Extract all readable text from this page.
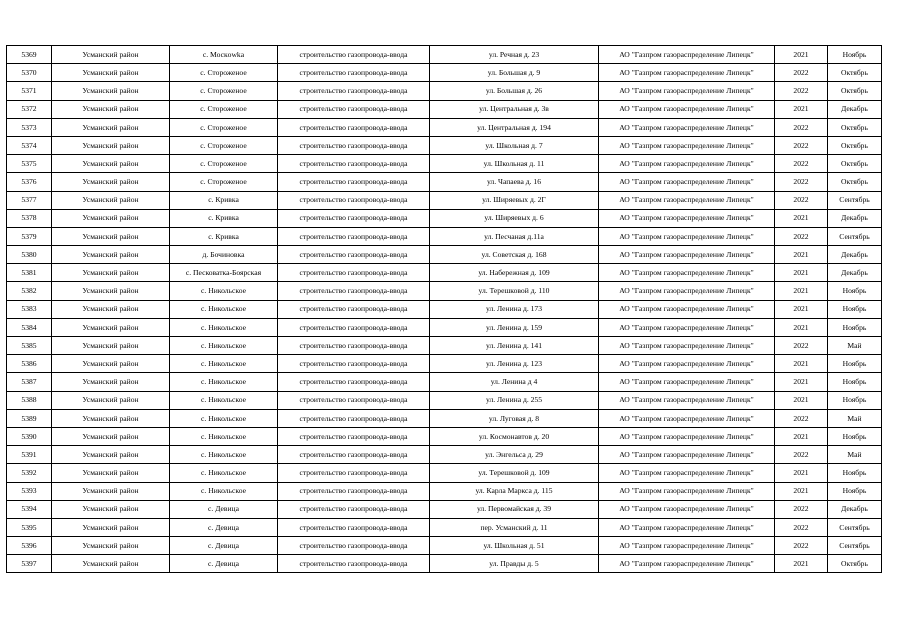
5369	Усманский район	с. Москowka	строительство газопровода-ввода	ул. Речная д. 23	АО "Газпром газораспределение Липецк"	2021	Ноябрь
5370	Усманский район	с. Стороженое	строительство газопровода-ввода	ул. Большая д. 9	АО "Газпром газораспределение Липецк"	2022	Октябрь
5371	Усманский район	с. Стороженое	строительство газопровода-ввода	ул. Большая д. 26	АО "Газпром газораспределение Липецк"	2022	Октябрь
5372	Усманский район	с. Стороженое	строительство газопровода-ввода	ул. Центральная д. 3в	АО "Газпром газораспределение Липецк"	2021	Декабрь
5373	Усманский район	с. Стороженое	строительство газопровода-ввода	ул. Центральная д. 194	АО "Газпром газораспределение Липецк"	2022	Октябрь
5374	Усманский район	с. Стороженое	строительство газопровода-ввода	ул. Школьная д. 7	АО "Газпром газораспределение Липецк"	2022	Октябрь
5375	Усманский район	с. Стороженое	строительство газопровода-ввода	ул. Школьная д. 11	АО "Газпром газораспределение Липецк"	2022	Октябрь
5376	Усманский район	с. Стороженое	строительство газопровода-ввода	ул. Чапаева д. 16	АО "Газпром газораспределение Липецк"	2022	Октябрь
5377	Усманский район	с. Кривка	строительство газопровода-ввода	ул. Ширяевых д. 2Г	АО "Газпром газораспределение Липецк"	2022	Сентябрь
5378	Усманский район	с. Кривка	строительство газопровода-ввода	ул. Ширяевых д. 6	АО "Газпром газораспределение Липецк"	2021	Декабрь
5379	Усманский район	с. Кривка	строительство газопровода-ввода	ул. Песчаная д.11а	АО "Газпром газораспределение Липецк"	2022	Сентябрь
5380	Усманский район	д. Бочиновка	строительство газопровода-ввода	ул. Советская д. 168	АО "Газпром газораспределение Липецк"	2021	Декабрь
5381	Усманский район	с. Песковатка-Боярская	строительство газопровода-ввода	ул. Набережная д. 109	АО "Газпром газораспределение Липецк"	2021	Декабрь
5382	Усманский район	с. Никольское	строительство газопровода-ввода	ул. Терешковой д. 110	АО "Газпром газораспределение Липецк"	2021	Ноябрь
5383	Усманский район	с. Никольское	строительство газопровода-ввода	ул. Ленина д. 173	АО "Газпром газораспределение Липецк"	2021	Ноябрь
5384	Усманский район	с. Никольское	строительство газопровода-ввода	ул. Ленина д. 159	АО "Газпром газораспределение Липецк"	2021	Ноябрь
5385	Усманский район	с. Никольское	строительство газопровода-ввода	ул. Ленина д. 141	АО "Газпром газораспределение Липецк"	2022	Май
5386	Усманский район	с. Никольское	строительство газопровода-ввода	ул. Ленина д. 123	АО "Газпром газораспределение Липецк"	2021	Ноябрь
5387	Усманский район	с. Никольское	строительство газопровода-ввода	ул. Ленина д 4	АО "Газпром газораспределение Липецк"	2021	Ноябрь
5388	Усманский район	с. Никольское	строительство газопровода-ввода	ул. Ленина д. 255	АО "Газпром газораспределение Липецк"	2021	Ноябрь
5389	Усманский район	с. Никольское	строительство газопровода-ввода	ул. Луговая д. 8	АО "Газпром газораспределение Липецк"	2022	Май
5390	Усманский район	с. Никольское	строительство газопровода-ввода	ул. Космонавтов д. 20	АО "Газпром газораспределение Липецк"	2021	Ноябрь
5391	Усманский район	с. Никольское	строительство газопровода-ввода	ул. Энгельса д. 29	АО "Газпром газораспределение Липецк"	2022	Май
5392	Усманский район	с. Никольское	строительство газопровода-ввода	ул. Терешковой д. 109	АО "Газпром газораспределение Липецк"	2021	Ноябрь
5393	Усманский район	с. Никольское	строительство газопровода-ввода	ул. Карла Маркса д. 115	АО "Газпром газораспределение Липецк"	2021	Ноябрь
5394	Усманский район	с. Девица	строительство газопровода-ввода	ул. Первомайская д. 39	АО "Газпром газораспределение Липецк"	2022	Декабрь
5395	Усманский район	с. Девица	строительство газопровода-ввода	пер. Усманский д. 11	АО "Газпром газораспределение Липецк"	2022	Сентябрь
5396	Усманский район	с. Девица	строительство газопровода-ввода	ул. Школьная д. 51	АО "Газпром газораспределение Липецк"	2022	Сентябрь
5397	Усманский район	с. Девица	строительство газопровода-ввода	ул. Правды д. 5	АО "Газпром газораспределение Липецк"	2021	Октябрь
